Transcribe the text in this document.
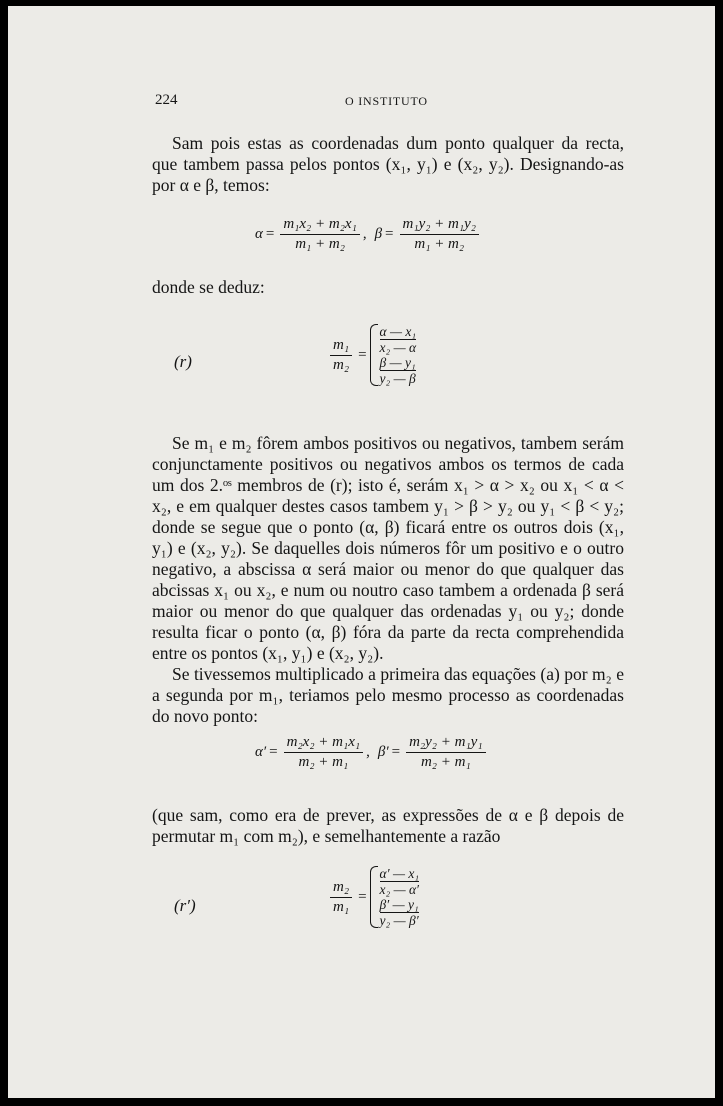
224	O INSTITUTO

Sam pois estas as coordenadas dum ponto qualquer da recta, que tambem passa pelos pontos (x₁, y₁) e (x₂, y₂). Designando-as por α e β, temos:

$\alpha = \frac{\text{m₁x₂ + m₂x₁}}{\text{m₁ + m₂}}$ , $\beta = \frac{\text{m₁y₂ + m₁y₂}}{\text{m₁ + m₂}}$

donde se deduz:

(r)	$\frac{\text{m₁}}{\text{m₂}}$ =
α — x₁
x₂ — α
β — y₁
y₂ — β

Se m₁ e m₂ fôrem ambos positivos ou negativos, tambem serám conjunctamente positivos ou negativos ambos os termos de cada um dos 2.ᵒˢ membros de (r); isto é, serám x₁ > α > x₂ ou x₁ < α < x₂, e em qualquer destes casos tambem y₁ > β > y₂ ou y₁ < β < y₂; donde se segue que o ponto (α, β) ficará entre os outros dois (x₁, y₁) e (x₂, y₂). Se daquelles dois números fôr um positivo e o outro negativo, a abscissa α será maior ou menor do que qualquer das abcissas x₁ ou x₂, e num ou noutro caso tambem a ordenada β será maior ou menor do que qualquer das ordenadas y₁ ou y₂; donde resulta ficar o ponto (α, β) fóra da parte da recta comprehendida entre os pontos (x₁, y₁) e (x₂, y₂).

Se tivessemos multiplicado a primeira das equações (a) por m₂ e a segunda por m₁, teriamos pelo mesmo processo as coordenadas do novo ponto:

$\alpha' = \frac{\text{m₂x₂ + m₁x₁}}{\text{m₂ + m₁}}$ , $\beta' = \frac{\text{m₂y₂ + m₁y₁}}{\text{m₂ + m₁}}$

(que sam, como era de prever, as expressões de α e β depois de permutar m₁ com m₂), e semelhantemente a razão

(r′)	$\frac{\text{m₂}}{\text{m₁}}$ =
α′ — x₁
x₂ — α′
β′ — y₁
y₂ — β′
